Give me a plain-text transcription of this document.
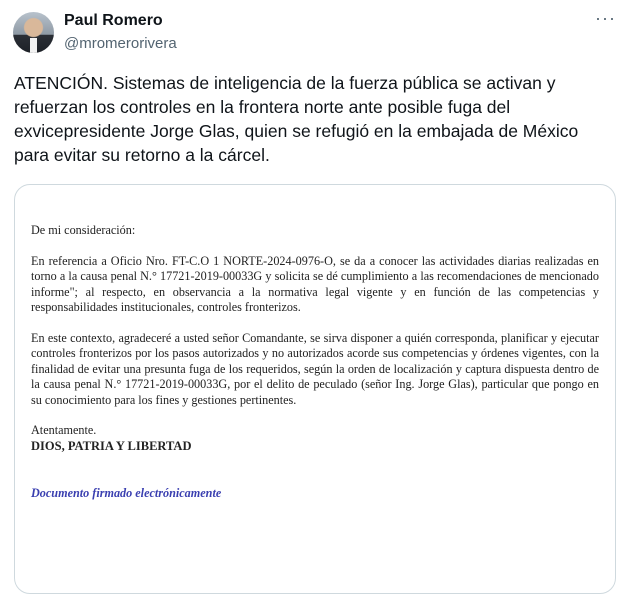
Paul Romero
@mromerorivera
···
ATENCIÓN. Sistemas de inteligencia de la fuerza pública se activan y refuerzan los controles en la frontera norte ante posible fuga del exvicepresidente Jorge Glas, quien se refugió en la embajada de México para evitar su retorno a la cárcel.

De mi consideración:

En referencia a Oficio Nro. FT-C.O 1 NORTE-2024-0976-O, se da a conocer las actividades diarias realizadas en torno a la causa penal N.° 17721-2019-00033G y solicita se dé cumplimiento a las recomendaciones de mencionado informe"; al respecto, en observancia a la normativa legal vigente y en función de las competencias y responsabilidades institucionales, controles fronterizos.

En este contexto, agradeceré a usted señor Comandante, se sirva disponer a quién corresponda, planificar y ejecutar controles fronterizos por los pasos autorizados y no autorizados acorde sus competencias y órdenes vigentes, con la finalidad de evitar una presunta fuga de los requeridos, según la orden de localización y captura dispuesta dentro de la causa penal N.° 17721-2019-00033G, por el delito de peculado (señor Ing. Jorge Glas), particular que pongo en su conocimiento para los fines y gestiones pertinentes.

Atentamente.

DIOS, PATRIA Y LIBERTAD

Documento firmado electrónicamente
